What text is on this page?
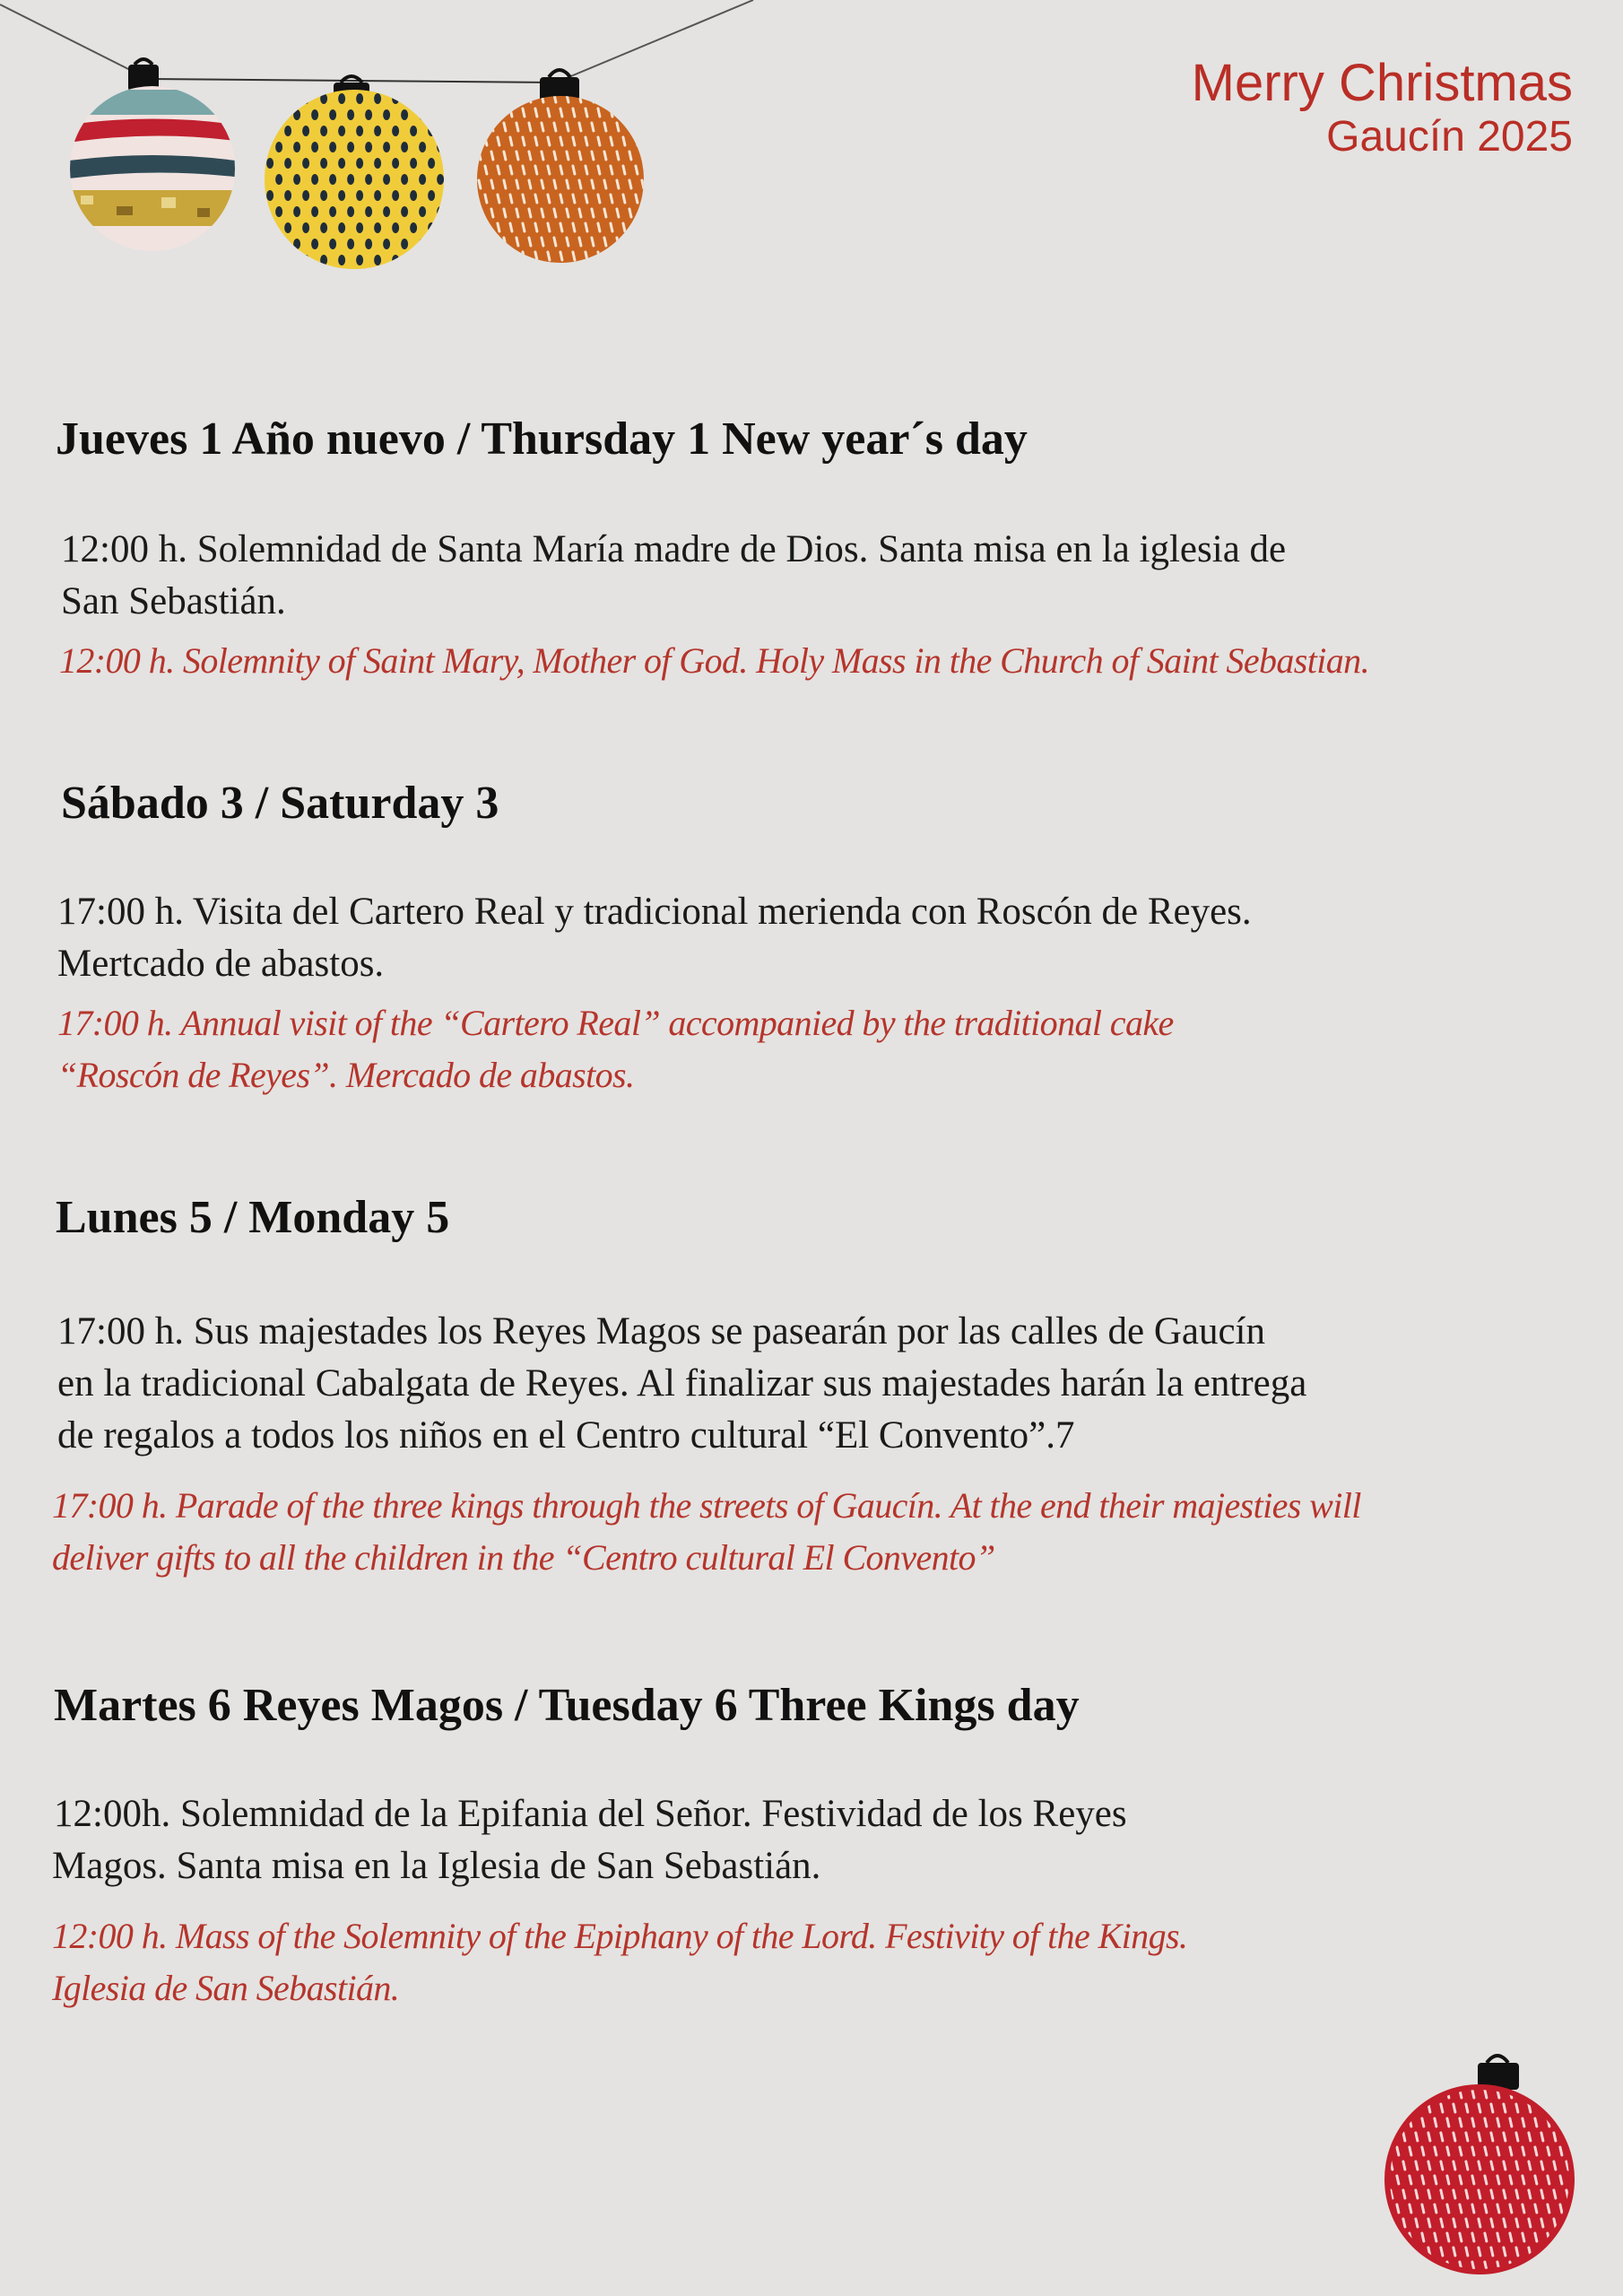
Merry Christmas
Gaucín 2025
Jueves 1 Año nuevo / Thursday 1 New year´s day
12:00 h. Solemnidad de Santa María madre de Dios. Santa misa en la iglesia de
San Sebastián.
12:00 h. Solemnity of Saint Mary, Mother of God. Holy Mass in the Church of Saint Sebastian.
Sábado 3 / Saturday 3
17:00 h. Visita del Cartero Real y tradicional merienda con Roscón de Reyes.
Mertcado de abastos.
17:00 h. Annual visit of the “Cartero Real” accompanied by the traditional cake
“Roscón de Reyes”. Mercado de abastos.
Lunes 5 / Monday 5
17:00 h. Sus majestades los Reyes Magos se pasearán por las calles de Gaucín
en la tradicional Cabalgata de Reyes. Al finalizar sus majestades harán la entrega
de regalos a todos los niños en el Centro cultural “El Convento”.7
17:00 h. Parade of the three kings through the streets of Gaucín. At the end their majesties will
deliver gifts to all the children in the “Centro cultural El Convento”
Martes 6 Reyes Magos / Tuesday 6 Three Kings day
12:00h. Solemnidad de la Epifania del Señor. Festividad de los Reyes
Magos. Santa misa en la Iglesia de San Sebastián.
12:00 h. Mass of the Solemnity of the Epiphany of the Lord. Festivity of the Kings.
Iglesia de San Sebastián.
